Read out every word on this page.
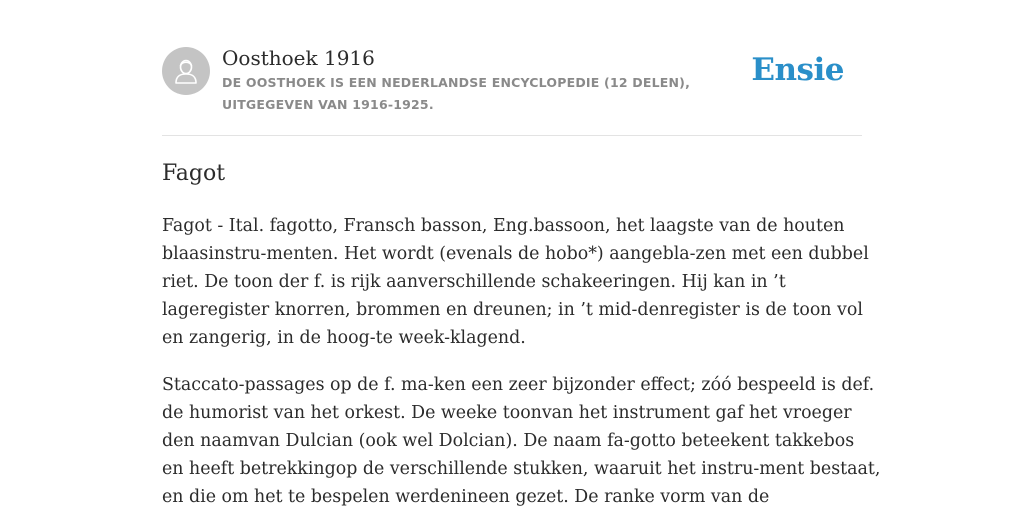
Oosthoek 1916
DE OOSTHOEK IS EEN NEDERLANDSE ENCYCLOPEDIE (12 DELEN), UITGEGEVEN VAN 1916-1925.
Ensie
Fagot

Fagot - Ital. fagotto, Fransch basson, Eng.bassoon, het laagste van de houten
blaasinstru-menten. Het wordt (evenals de hobo*) aangebla-zen met een dubbel
riet. De toon der f. is rijk aanverschillende schakeeringen. Hij kan in ’t
lageregister knorren, brommen en dreunen; in ’t mid-denregister is de toon vol
en zangerig, in de hoog-te week-klagend.

Staccato-passages op de f. ma-ken een zeer bijzonder effect; zóó bespeeld is def.
de humorist van het orkest. De weeke toonvan het instrument gaf het vroeger
den naamvan Dulcian (ook wel Dolcian). De naam fa-gotto beteekent takkebos
en heeft betrekkingop de verschillende stukken, waaruit het instru-ment bestaat,
en die om het te bespelen werdenineen gezet. De ranke vorm van de
